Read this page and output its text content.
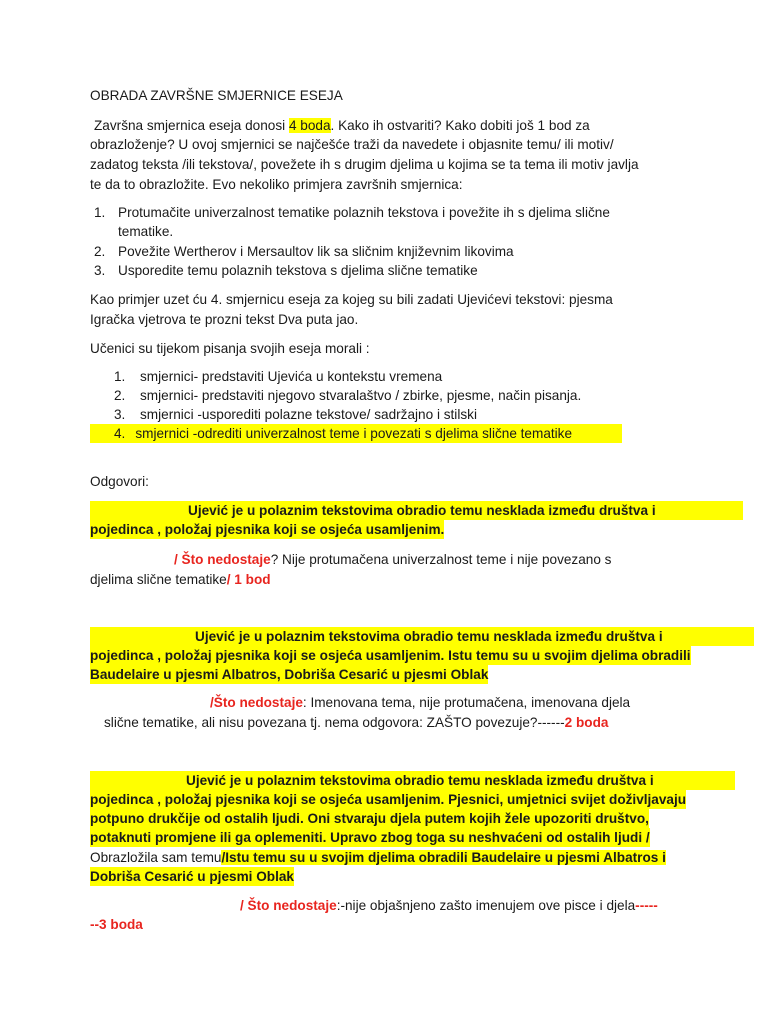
OBRADA ZAVRŠNE SMJERNICE ESEJA
Završna smjernica eseja donosi 4 boda. Kako ih ostvariti? Kako dobiti još 1 bod za
obrazloženje? U ovoj smjernici se najčešće traži da navedete i objasnite temu/ ili motiv/
zadatog teksta /ili tekstova/, povežete ih s drugim djelima u kojima se ta tema ili motiv javlja
te da to obrazložite. Evo nekoliko primjera završnih smjernica:
1. Protumačite univerzalnost tematike polaznih tekstova i povežite ih s djelima slične
tematike.
2. Povežite Wertherov i Mersaultov lik sa sličnim književnim likovima
3. Usporedite temu polaznih tekstova s djelima slične tematike
Kao primjer uzet ću 4. smjernicu eseja za kojeg su bili zadati Ujevićevi tekstovi: pjesma
Igračka vjetrova te prozni tekst Dva puta jao.
Učenici su tijekom pisanja svojih eseja morali :
1. smjernici- predstaviti Ujevića u kontekstu vremena
2. smjernici- predstaviti njegovo stvaralaštvo / zbirke, pjesme, način pisanja.
3. smjernici -usporediti polazne tekstove/ sadržajno i stilski
4. smjernici -odrediti univerzalnost teme i povezati s djelima slične tematike
Odgovori:
Ujević je u polaznim tekstovima obradio temu nesklada između društva i
pojedinca , položaj pjesnika koji se osjeća usamljenim.
/ Što nedostaje? Nije protumačena univerzalnost teme i nije povezano s
djelima slične tematike/ 1 bod
Ujević je u polaznim tekstovima obradio temu nesklada između društva i
pojedinca , položaj pjesnika koji se osjeća usamljenim. Istu temu su u svojim djelima obradili
Baudelaire u pjesmi Albatros, Dobriša Cesarić u pjesmi Oblak
/Što nedostaje: Imenovana tema, nije protumačena, imenovana djela
slične tematike, ali nisu povezana tj. nema odgovora: ZAŠTO povezuje?------2 boda
Ujević je u polaznim tekstovima obradio temu nesklada između društva i
pojedinca , položaj pjesnika koji se osjeća usamljenim. Pjesnici, umjetnici svijet doživljavaju
potpuno drukčije od ostalih ljudi. Oni stvaraju djela putem kojih žele upozoriti društvo,
potaknuti promjene ili ga oplemeniti. Upravo zbog toga su neshvaćeni od ostalih ljudi /
Obrazložila sam temu/Istu temu su u svojim djelima obradili Baudelaire u pjesmi Albatros i
Dobriša Cesarić u pjesmi Oblak
/ Što nedostaje:-nije objašnjeno zašto imenujem ove pisce i djela-----
--3 boda
